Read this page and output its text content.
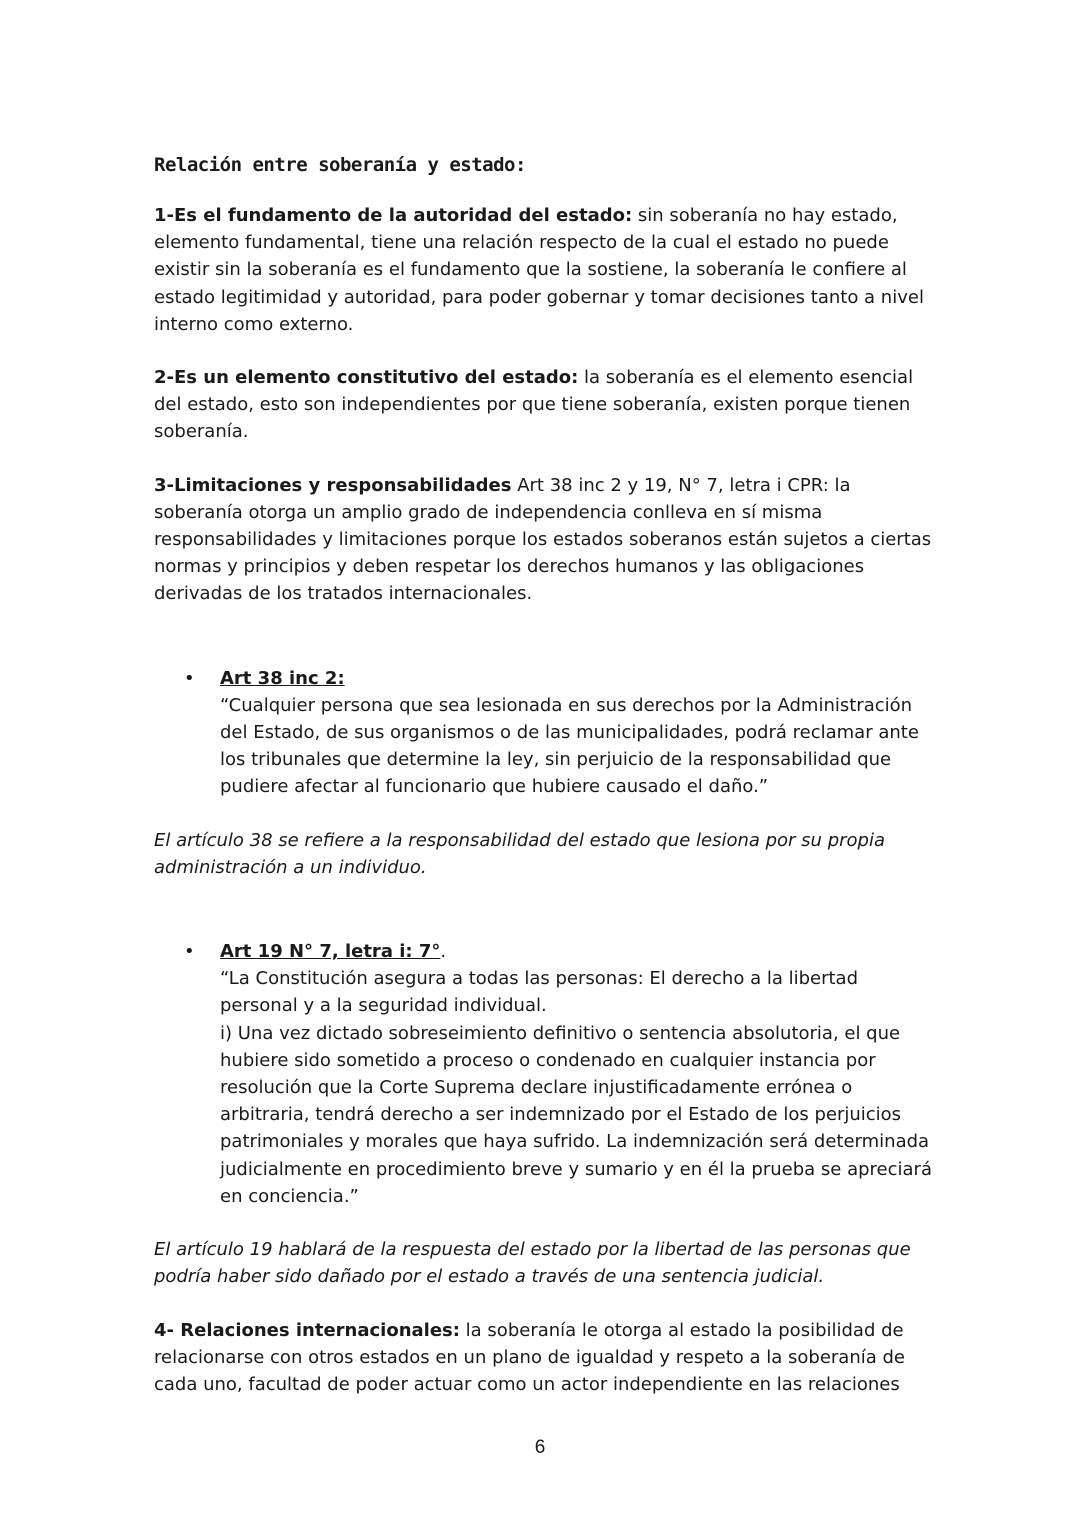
Relación entre soberanía y estado:

1-Es el fundamento de la autoridad del estado: sin soberanía no hay estado, elemento fundamental, tiene una relación respecto de la cual el estado no puede existir sin la soberanía es el fundamento que la sostiene, la soberanía le confiere al estado legitimidad y autoridad, para poder gobernar y tomar decisiones tanto a nivel interno como externo.

2-Es un elemento constitutivo del estado: la soberanía es el elemento esencial del estado, esto son independientes por que tiene soberanía, existen porque tienen soberanía.

3-Limitaciones y responsabilidades Art 38 inc 2 y 19, N° 7, letra i CPR: la soberanía otorga un amplio grado de independencia conlleva en sí misma responsabilidades y limitaciones porque los estados soberanos están sujetos a ciertas normas y principios y deben respetar los derechos humanos y las obligaciones derivadas de los tratados internacionales.

• Art 38 inc 2:

“Cualquier persona que sea lesionada en sus derechos por la Administración del Estado, de sus organismos o de las municipalidades, podrá reclamar ante los tribunales que determine la ley, sin perjuicio de la responsabilidad que pudiere afectar al funcionario que hubiere causado el daño.”

El artículo 38 se refiere a la responsabilidad del estado que lesiona por su propia administración a un individuo.

• Art 19 N° 7, letra i: 7°.

“La Constitución asegura a todas las personas: El derecho a la libertad personal y a la seguridad individual.

i) Una vez dictado sobreseimiento definitivo o sentencia absolutoria, el que hubiere sido sometido a proceso o condenado en cualquier instancia por resolución que la Corte Suprema declare injustificadamente errónea o arbitraria, tendrá derecho a ser indemnizado por el Estado de los perjuicios patrimoniales y morales que haya sufrido. La indemnización será determinada judicialmente en procedimiento breve y sumario y en él la prueba se apreciará en conciencia.”

El artículo 19 hablará de la respuesta del estado por la libertad de las personas que podría haber sido dañado por el estado a través de una sentencia judicial.

4- Relaciones internacionales: la soberanía le otorga al estado la posibilidad de relacionarse con otros estados en un plano de igualdad y respeto a la soberanía de cada uno, facultad de poder actuar como un actor independiente en las relaciones

6
